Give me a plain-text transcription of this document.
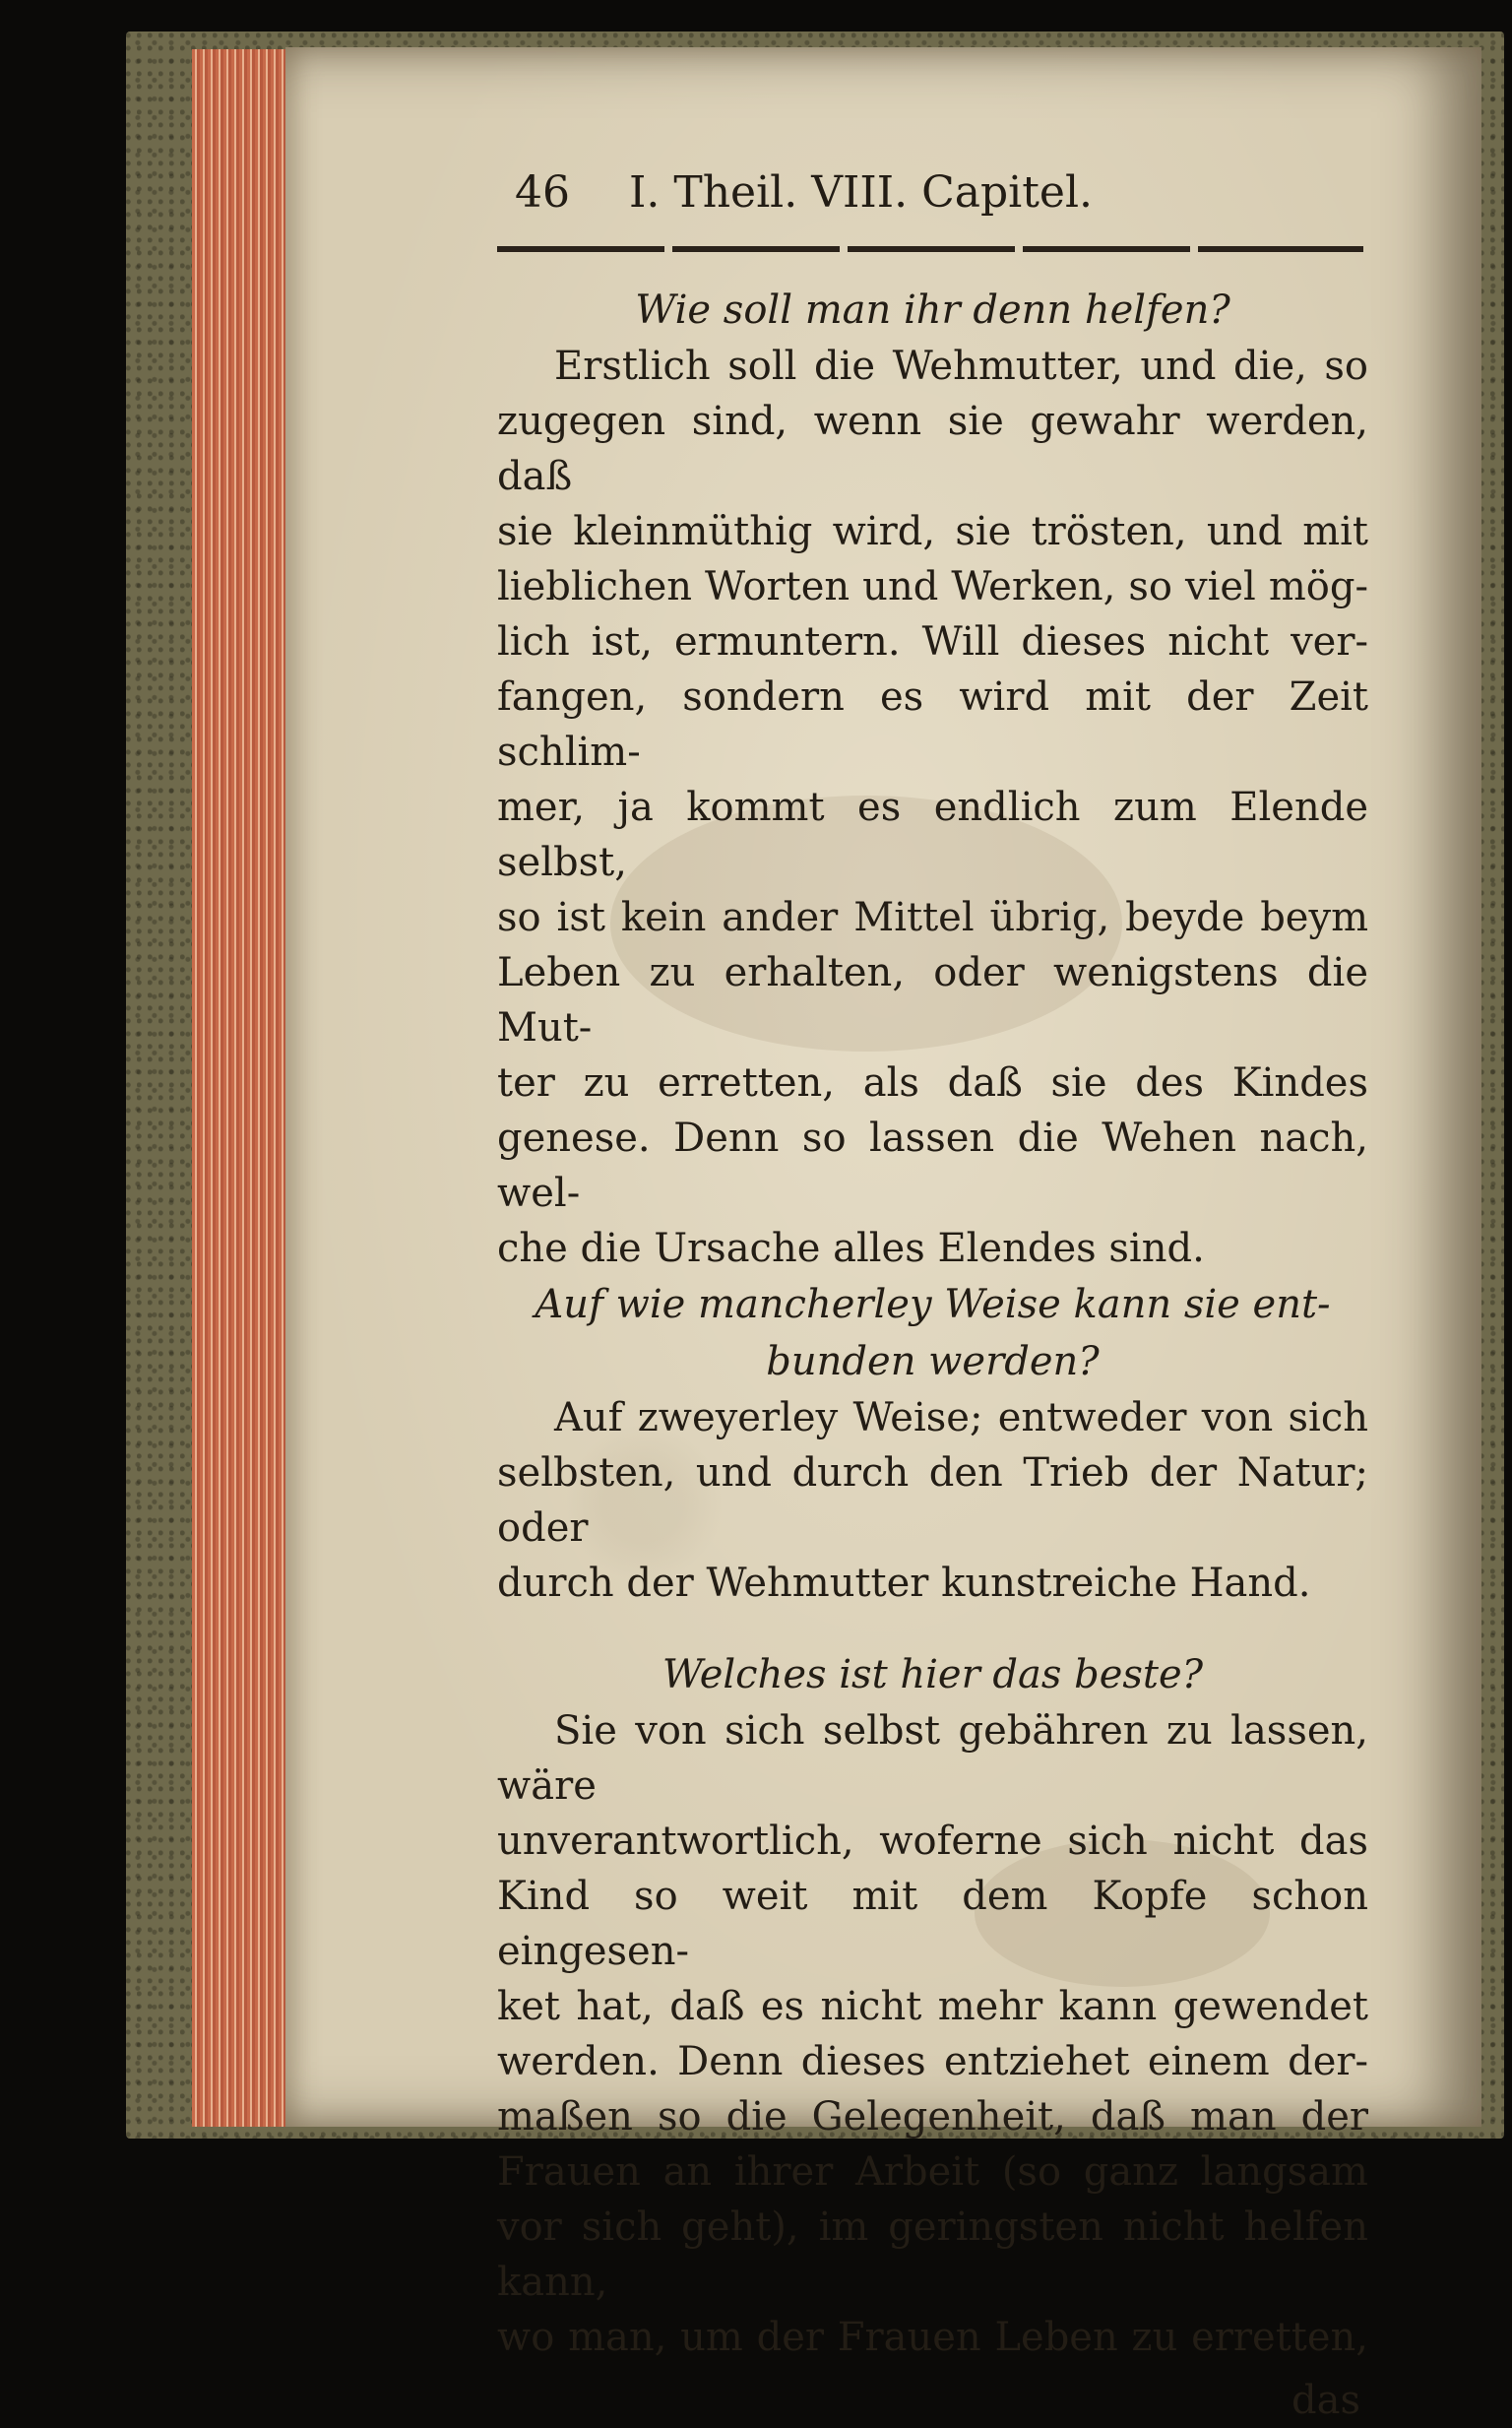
46 I. Theil. VIII. Capitel.
Wie soll man ihr denn helfen?
Erstlich soll die Wehmutter, und die, so
zugegen sind, wenn sie gewahr werden, daß
sie kleinmüthig wird, sie trösten, und mit
lieblichen Worten und Werken, so viel mög-
lich ist, ermuntern. Will dieses nicht ver-
fangen, sondern es wird mit der Zeit schlim-
mer, ja kommt es endlich zum Elende selbst,
so ist kein ander Mittel übrig, beyde beym
Leben zu erhalten, oder wenigstens die Mut-
ter zu erretten, als daß sie des Kindes
genese. Denn so lassen die Wehen nach, wel-
che die Ursache alles Elendes sind.
Auf wie mancherley Weise kann sie ent-
bunden werden?
Auf zweyerley Weise; entweder von sich
selbsten, und durch den Trieb der Natur; oder
durch der Wehmutter kunstreiche Hand.
Welches ist hier das beste?
Sie von sich selbst gebähren zu lassen, wäre
unverantwortlich, woferne sich nicht das
Kind so weit mit dem Kopfe schon eingesen-
ket hat, daß es nicht mehr kann gewendet
werden. Denn dieses entziehet einem der-
maßen so die Gelegenheit, daß man der
Frauen an ihrer Arbeit (so ganz langsam
vor sich geht), im geringsten nicht helfen kann,
wo man, um der Frauen Leben zu erretten,
das
